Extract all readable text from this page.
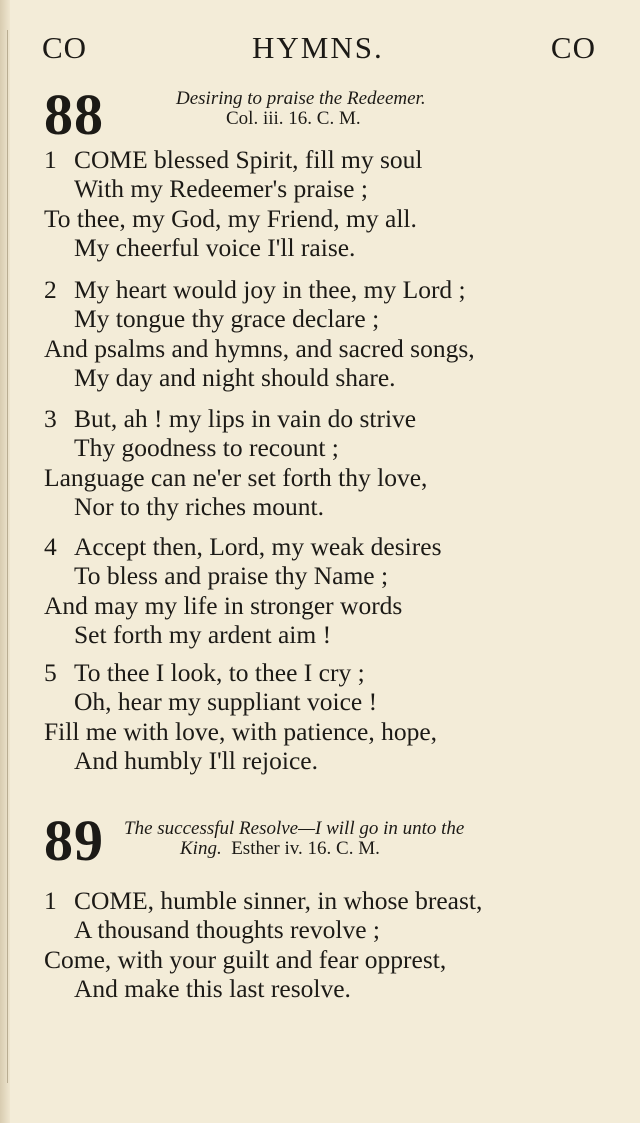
CO	HYMNS.	CO
88	Desiring to praise the Redeemer.
Col. iii. 16. C. M.
1 COME blessed Spirit, fill my soul
With my Redeemer's praise ;
To thee, my God, my Friend, my all.
My cheerful voice I'll raise.
2 My heart would joy in thee, my Lord ;
My tongue thy grace declare ;
And psalms and hymns, and sacred songs,
My day and night should share.
3 But, ah ! my lips in vain do strive
Thy goodness to recount ;
Language can ne'er set forth thy love,
Nor to thy riches mount.
4 Accept then, Lord, my weak desires
To bless and praise thy Name ;
And may my life in stronger words
Set forth my ardent aim !
5 To thee I look, to thee I cry ;
Oh, hear my suppliant voice !
Fill me with love, with patience, hope,
And humbly I'll rejoice.
89 The successful Resolve—I will go in unto the
King. Esther iv. 16. C. M.
1 COME, humble sinner, in whose breast,
A thousand thoughts revolve ;
Come, with your guilt and fear opprest,
And make this last resolve.
